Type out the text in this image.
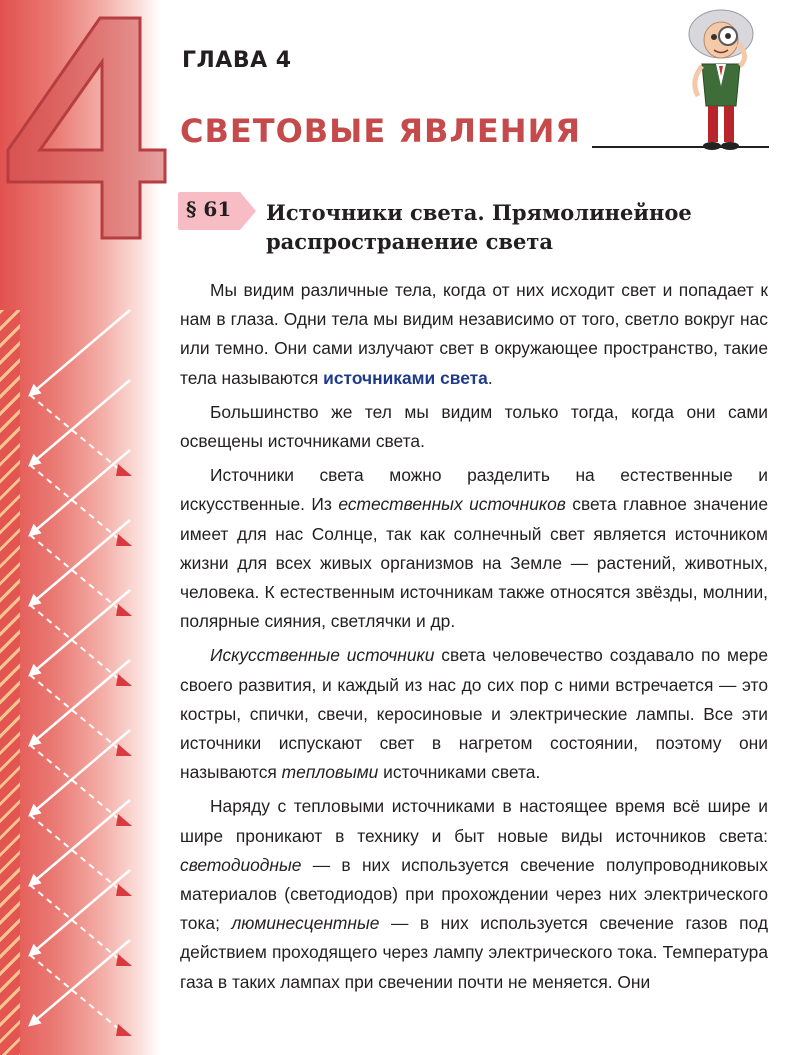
4
ГЛАВА 4
СВЕТОВЫЕ ЯВЛЕНИЯ
§ 61 Источники света. Прямолинейное
распространение света

Мы видим различные тела, когда от них исходит свет и попадает к нам в глаза. Одни тела мы видим независимо от того, светло вокруг нас или темно. Они сами излучают свет в окружающее пространство, такие тела называются источниками света.

Большинство же тел мы видим только тогда, когда они сами освещены источниками света.

Источники света можно разделить на естественные и искусственные. Из естественных источников света главное значение имеет для нас Солнце, так как солнечный свет является источником жизни для всех живых организмов на Земле — растений, животных, человека. К естественным источникам также относятся звёзды, молнии, полярные сияния, светлячки и др.

Искусственные источники света человечество создавало по мере своего развития, и каждый из нас до сих пор с ними встречается — это костры, спички, свечи, керосиновые и электрические лампы. Все эти источники испускают свет в нагретом состоянии, поэтому они называются тепловыми источниками света.

Наряду с тепловыми источниками в настоящее время всё шире и шире проникают в технику и быт новые виды источников света: светодиодные — в них используется свечение полупроводниковых материалов (светодиодов) при прохождении через них электрического тока; люминесцентные — в них используется свечение газов под действием проходящего через лампу электрического тока. Температура газа в таких лампах при свечении почти не меняется. Они
